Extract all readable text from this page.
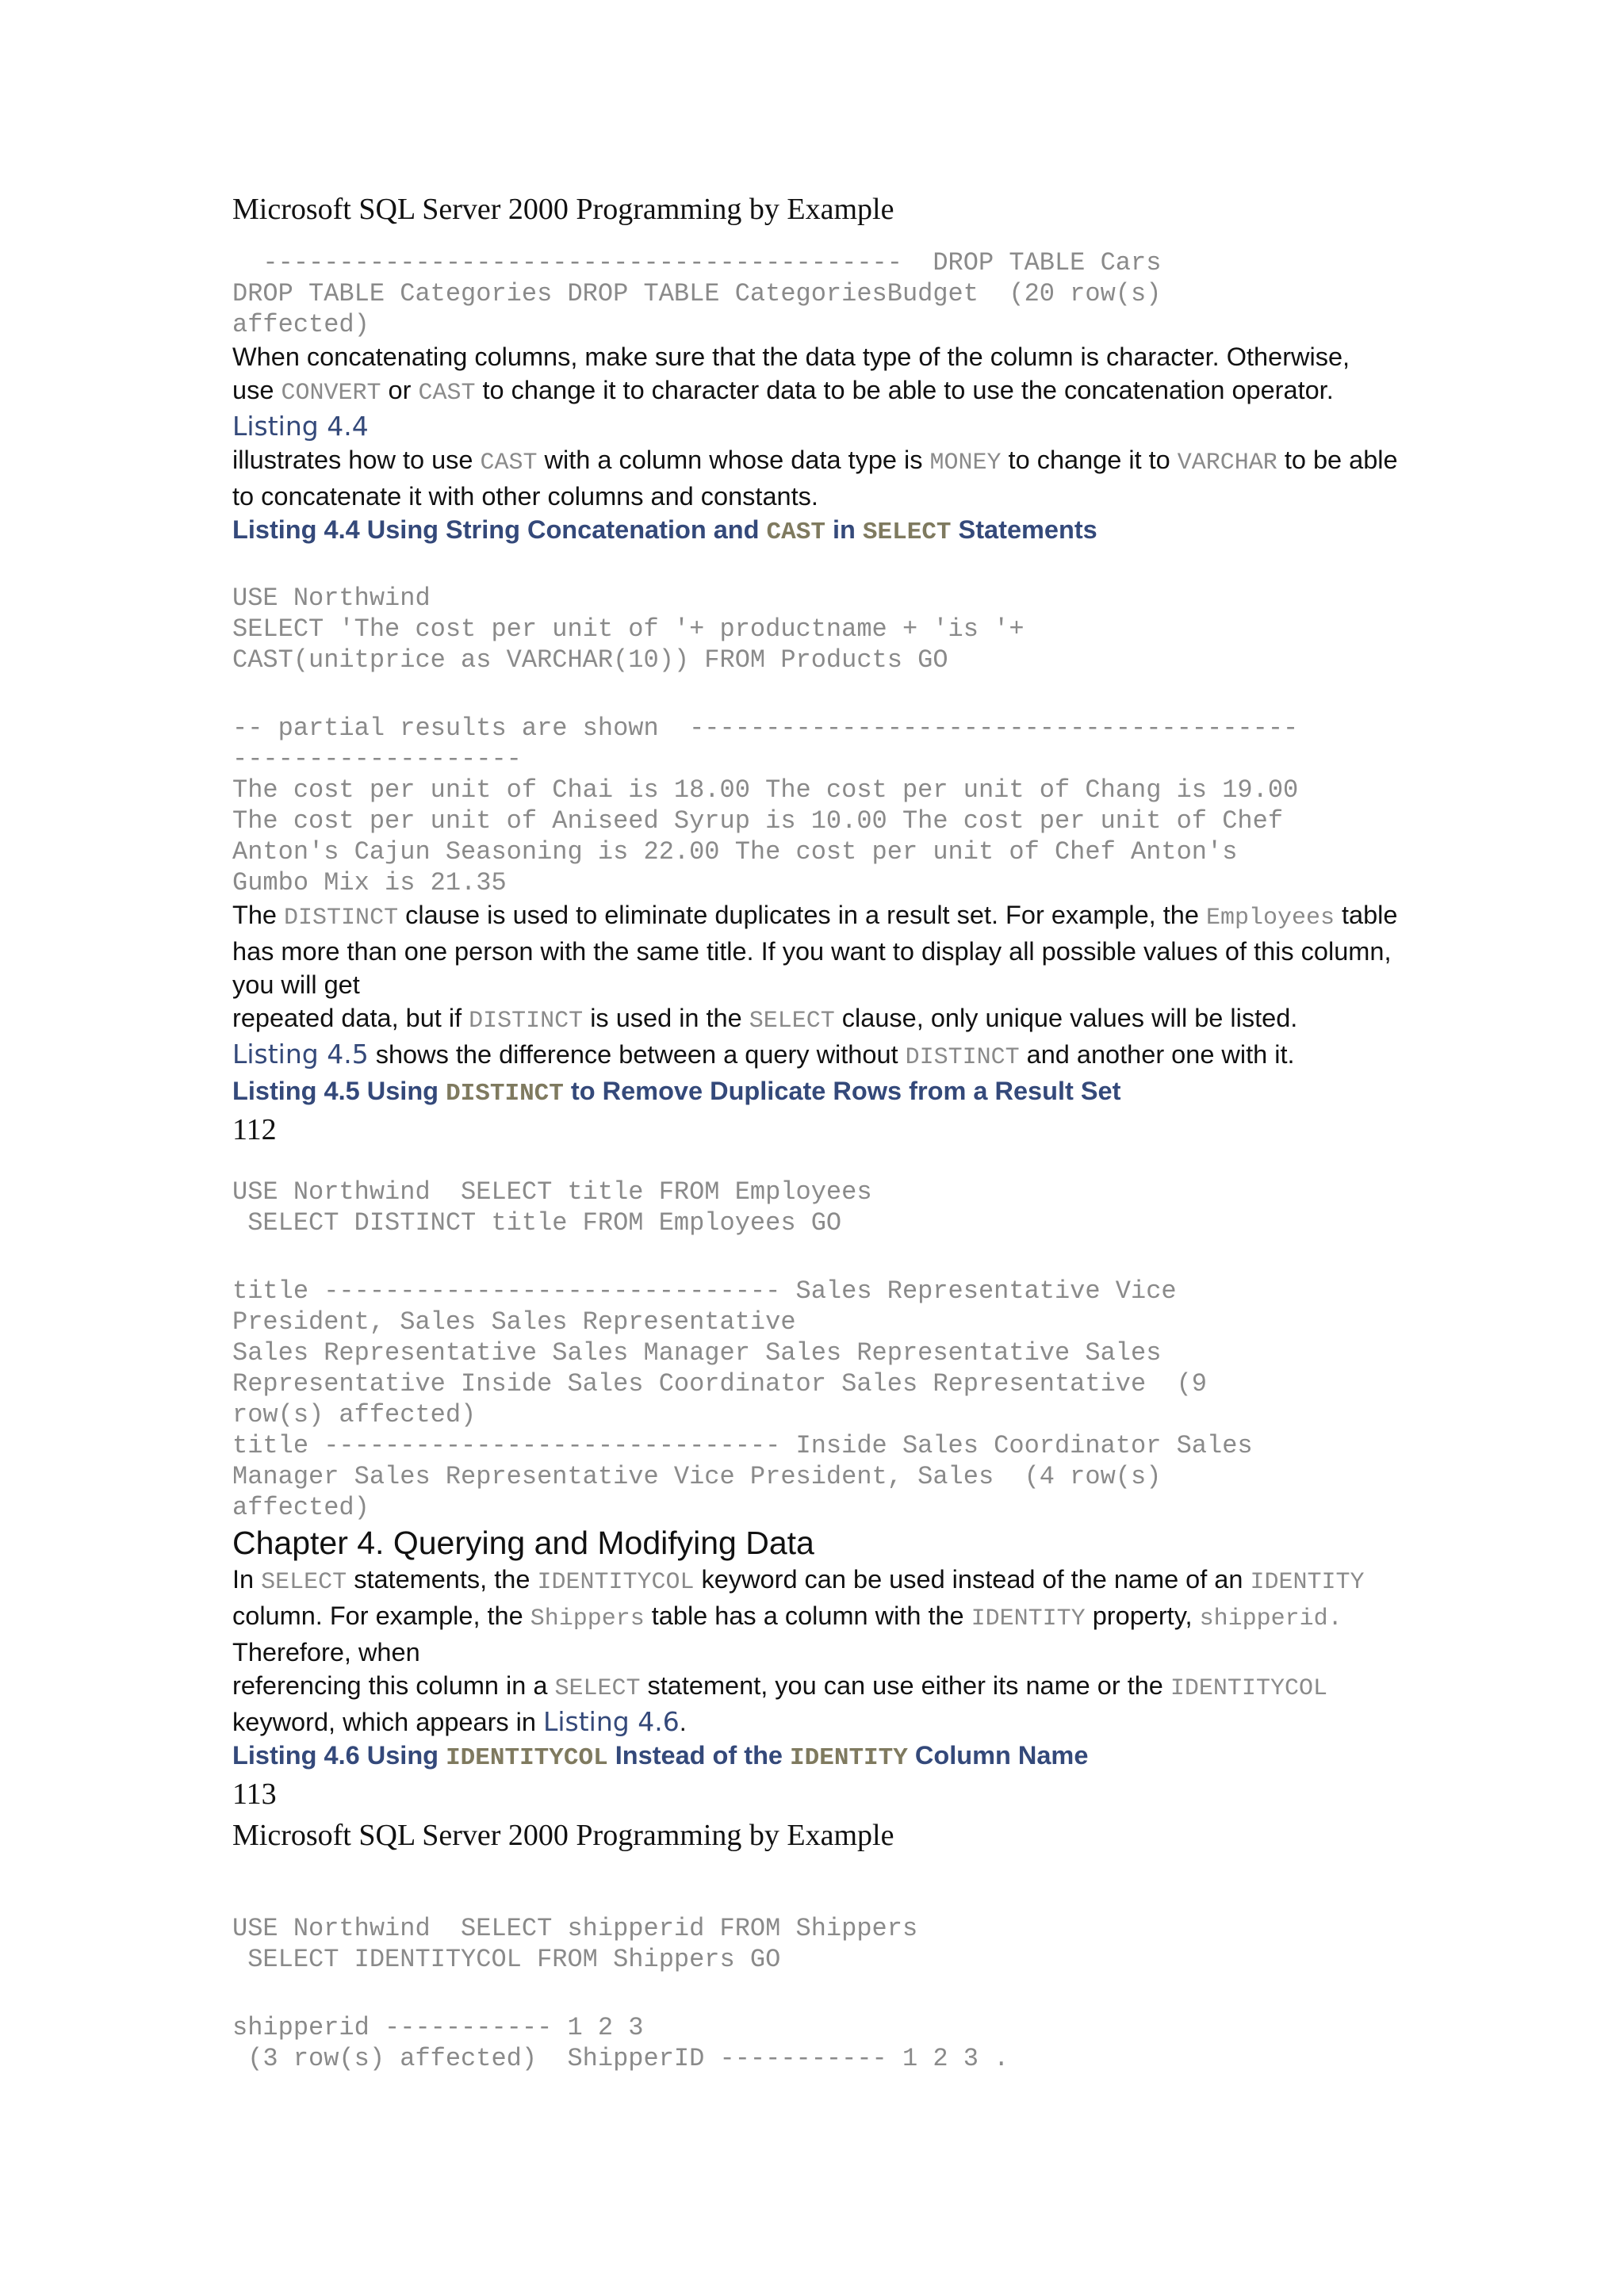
Microsoft SQL Server 2000 Programming by Example
------------------------------------------  DROP TABLE Cars
DROP TABLE Categories DROP TABLE CategoriesBudget  (20 row(s)
affected)

When concatenating columns, make sure that the data type of the column is character. Otherwise, use CONVERT or CAST to change it to character data to be able to use the concatenation operator. Listing 4.4
illustrates how to use CAST with a column whose data type is MONEY to change it to VARCHAR to be able to concatenate it with other columns and constants.

Listing 4.4 Using String Concatenation and CAST in SELECT Statements

USE Northwind
SELECT 'The cost per unit of '+ productname + 'is '+
CAST(unitprice as VARCHAR(10)) FROM Products GO
-- partial results are shown  ----------------------------------------
-------------------
The cost per unit of Chai is 18.00 The cost per unit of Chang is 19.00
The cost per unit of Aniseed Syrup is 10.00 The cost per unit of Chef
Anton's Cajun Seasoning is 22.00 The cost per unit of Chef Anton's
Gumbo Mix is 21.35

The DISTINCT clause is used to eliminate duplicates in a result set. For example, the Employees table has more than one person with the same title. If you want to display all possible values of this column, you will get
repeated data, but if DISTINCT is used in the SELECT clause, only unique values will be listed.
Listing 4.5 shows the difference between a query without DISTINCT and another one with it.

Listing 4.5 Using DISTINCT to Remove Duplicate Rows from a Result Set

112
USE Northwind  SELECT title FROM Employees
SELECT DISTINCT title FROM Employees GO
title ------------------------------ Sales Representative Vice
President, Sales Sales Representative
Sales Representative Sales Manager Sales Representative Sales
Representative Inside Sales Coordinator Sales Representative  (9
row(s) affected)
title ------------------------------ Inside Sales Coordinator Sales
Manager Sales Representative Vice President, Sales  (4 row(s)
affected)

Chapter 4. Querying and Modifying Data

In SELECT statements, the IDENTITYCOL keyword can be used instead of the name of an IDENTITY column. For example, the Shippers table has a column with the IDENTITY property, shipperid. Therefore, when
referencing this column in a SELECT statement, you can use either its name or the IDENTITYCOL keyword, which appears in Listing 4.6.

Listing 4.6 Using IDENTITYCOL Instead of the IDENTITY Column Name

113
Microsoft SQL Server 2000 Programming by Example
USE Northwind  SELECT shipperid FROM Shippers
SELECT IDENTITYCOL FROM Shippers GO
shipperid ----------- 1 2 3
(3 row(s) affected)  ShipperID ----------- 1 2 3 .
